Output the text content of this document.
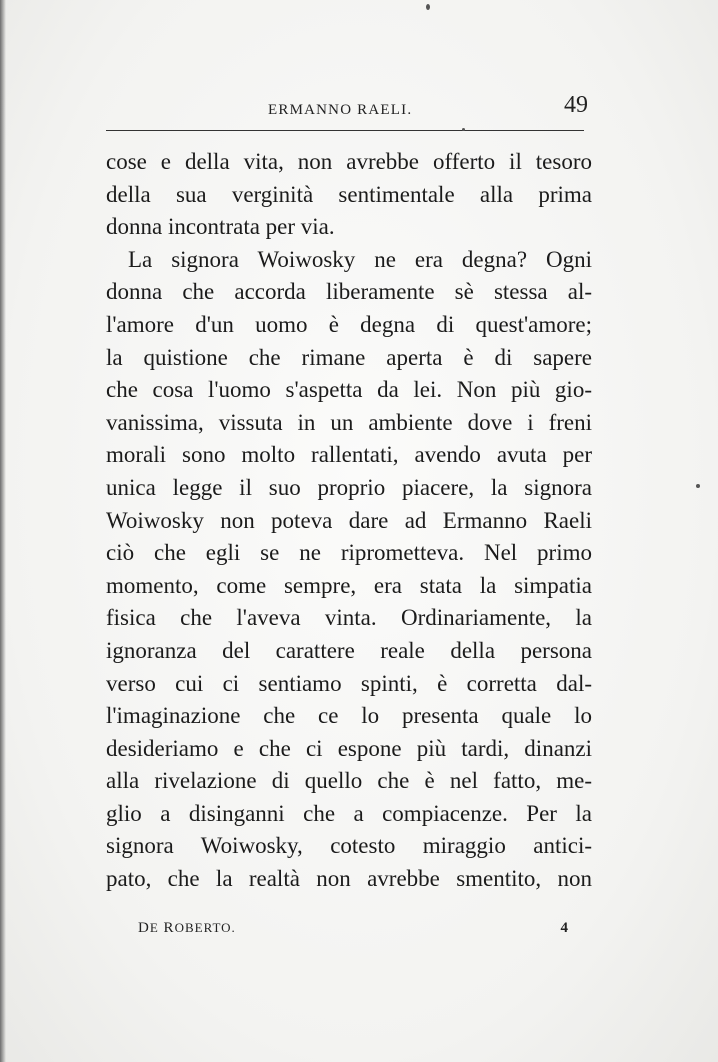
ERMANNO RAELI.	49
cose e della vita, non avrebbe offerto il tesoro
della sua verginità sentimentale alla prima
donna incontrata per via.
La signora Woiwosky ne era degna? Ogni
donna che accorda liberamente sè stessa al-
l'amore d'un uomo è degna di quest'amore;
la quistione che rimane aperta è di sapere
che cosa l'uomo s'aspetta da lei. Non più gio-
vanissima, vissuta in un ambiente dove i freni
morali sono molto rallentati, avendo avuta per
unica legge il suo proprio piacere, la signora
Woiwosky non poteva dare ad Ermanno Raeli
ciò che egli se ne riprometteva. Nel primo
momento, come sempre, era stata la simpatia
fisica che l'aveva vinta. Ordinariamente, la
ignoranza del carattere reale della persona
verso cui ci sentiamo spinti, è corretta dal-
l'imaginazione che ce lo presenta quale lo
desideriamo e che ci espone più tardi, dinanzi
alla rivelazione di quello che è nel fatto, me-
glio a disinganni che a compiacenze. Per la
signora Woiwosky, cotesto miraggio antici-
pato, che la realtà non avrebbe smentito, non
DE ROBERTO.	4
